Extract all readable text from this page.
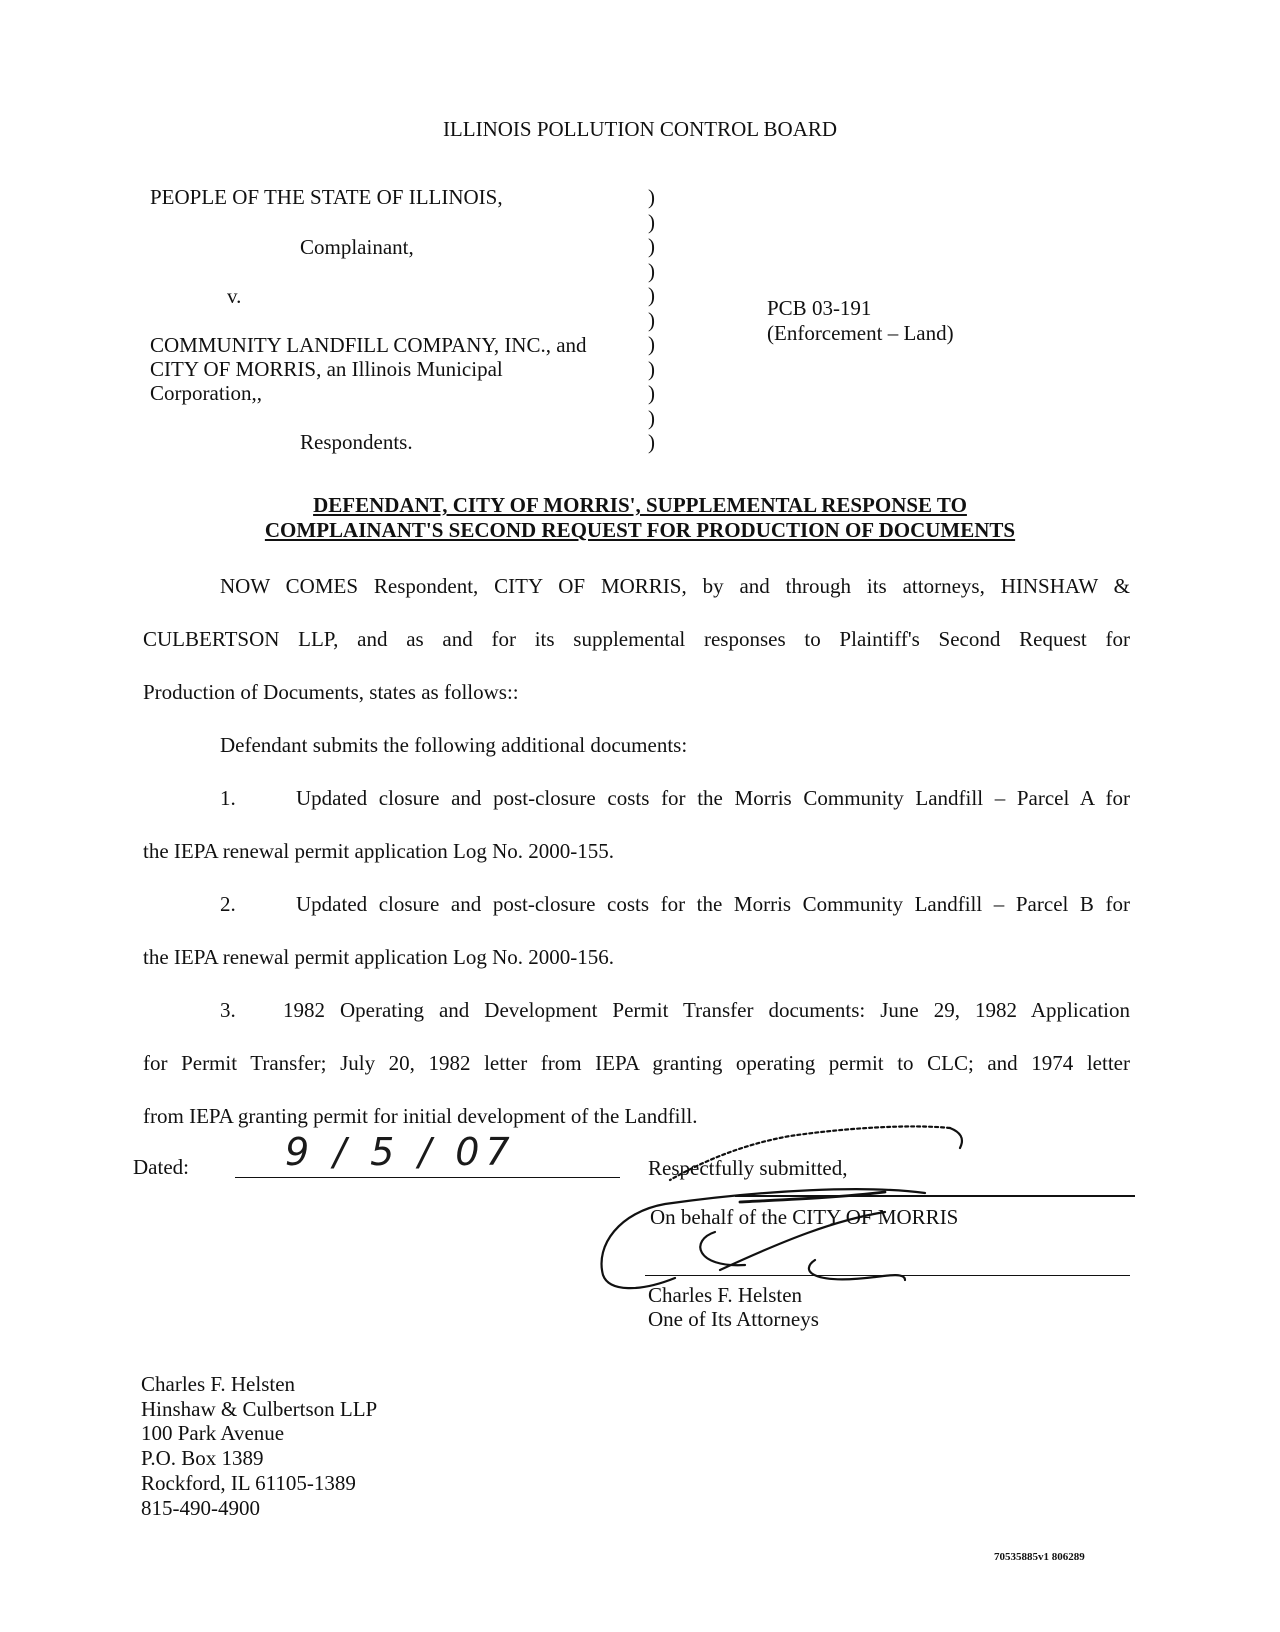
ILLINOIS POLLUTION CONTROL BOARD
PEOPLE OF THE STATE OF ILLINOIS,
Complainant,
v.
COMMUNITY LANDFILL COMPANY, INC., and
CITY OF MORRIS, an Illinois Municipal
Corporation,,
Respondents.
)
)
)
)
)
)
)
)
)
)
)
PCB 03-191
(Enforcement – Land)
DEFENDANT, CITY OF MORRIS', SUPPLEMENTAL RESPONSE TO
COMPLAINANT'S SECOND REQUEST FOR PRODUCTION OF DOCUMENTS
NOW COMES Respondent, CITY OF MORRIS, by and through its attorneys, HINSHAW &
CULBERTSON LLP, and as and for its supplemental responses to Plaintiff's Second Request for
Production of Documents, states as follows::
Defendant submits the following additional documents:
1.	Updated closure and post-closure costs for the Morris Community Landfill – Parcel A for
the IEPA renewal permit application Log No. 2000-155.
2.	Updated closure and post-closure costs for the Morris Community Landfill – Parcel B for
the IEPA renewal permit application Log No. 2000-156.
3. 1982 Operating and Development Permit Transfer documents: June 29, 1982 Application
for Permit Transfer; July 20, 1982 letter from IEPA granting operating permit to CLC; and 1974 letter
from IEPA granting permit for initial development of the Landfill.
Dated:	9 / 5 / 07	Respectfully submitted,
On behalf of the CITY OF MORRIS
Charles F. Helsten
One of Its Attorneys
Charles F. Helsten
Hinshaw & Culbertson LLP
100 Park Avenue
P.O. Box 1389
Rockford, IL 61105-1389
815-490-4900
70535885v1 806289
